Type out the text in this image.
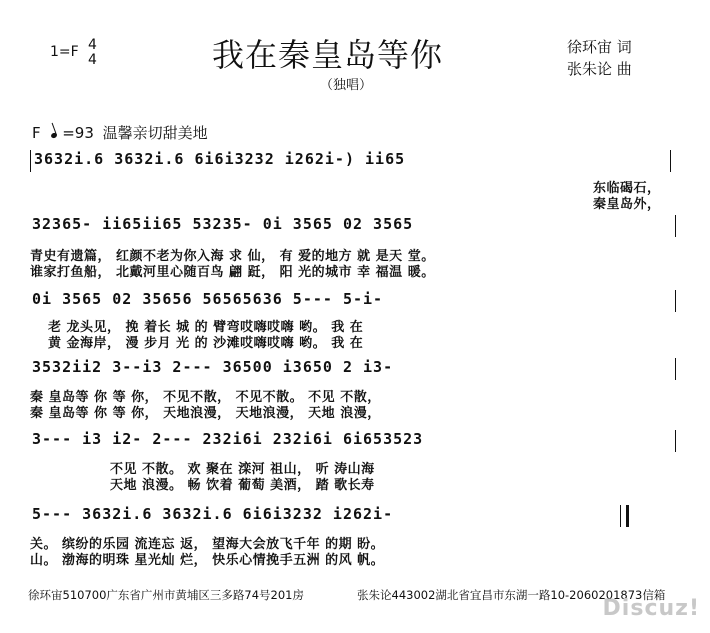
1=F 4
4	我在秦皇岛等你
（独唱）
徐环宙 词
张朱论 曲
F =93 温馨亲切甜美地
3632i.6 3632i.6 6i6i3232 i262i-) ii65
东临碣石，
秦皇岛外，
32365- ii65ii65 53235- 0i 3565 02 3565
青史有遗篇， 红颜不老为你入海 求 仙， 有 爱的地方 就 是天 堂。
谁家打鱼船， 北戴河里心随百鸟 翩 跹， 阳 光的城市 幸 福温 暖。
0i 3565 02 35656 56565636 5--- 5-i-
老 龙头见， 挽 着长 城 的 臂弯哎嗨哎嗨 哟。 我 在
黄 金海岸， 漫 步月 光 的 沙滩哎嗨哎嗨 哟。 我 在
3532ii2 3--i3 2--- 36500 i3650 2 i3-
秦 皇岛等 你 等 你， 不见不散， 不见不散。 不见 不散，
秦 皇岛等 你 等 你， 天地浪漫， 天地浪漫， 天地 浪漫，
3--- i3 i2- 2--- 232i6i 232i6i 6i653523
不见 不散。 欢 聚在 滦河 祖山， 听 涛山海
天地 浪漫。 畅 饮着 葡萄 美酒， 踏 歌长寿
5--- 3632i.6 3632i.6 6i6i3232 i262i-
关。 缤纷的乐园 流连忘 返， 望海大会放飞千年 的期 盼。
山。 渤海的明珠 星光灿 烂， 快乐心情挽手五洲 的风 帆。
徐环宙510700广东省广州市黄埔区三多路74号201房	张朱论443002湖北省宜昌市东湖一路10-2060201873信箱
Discuz!
